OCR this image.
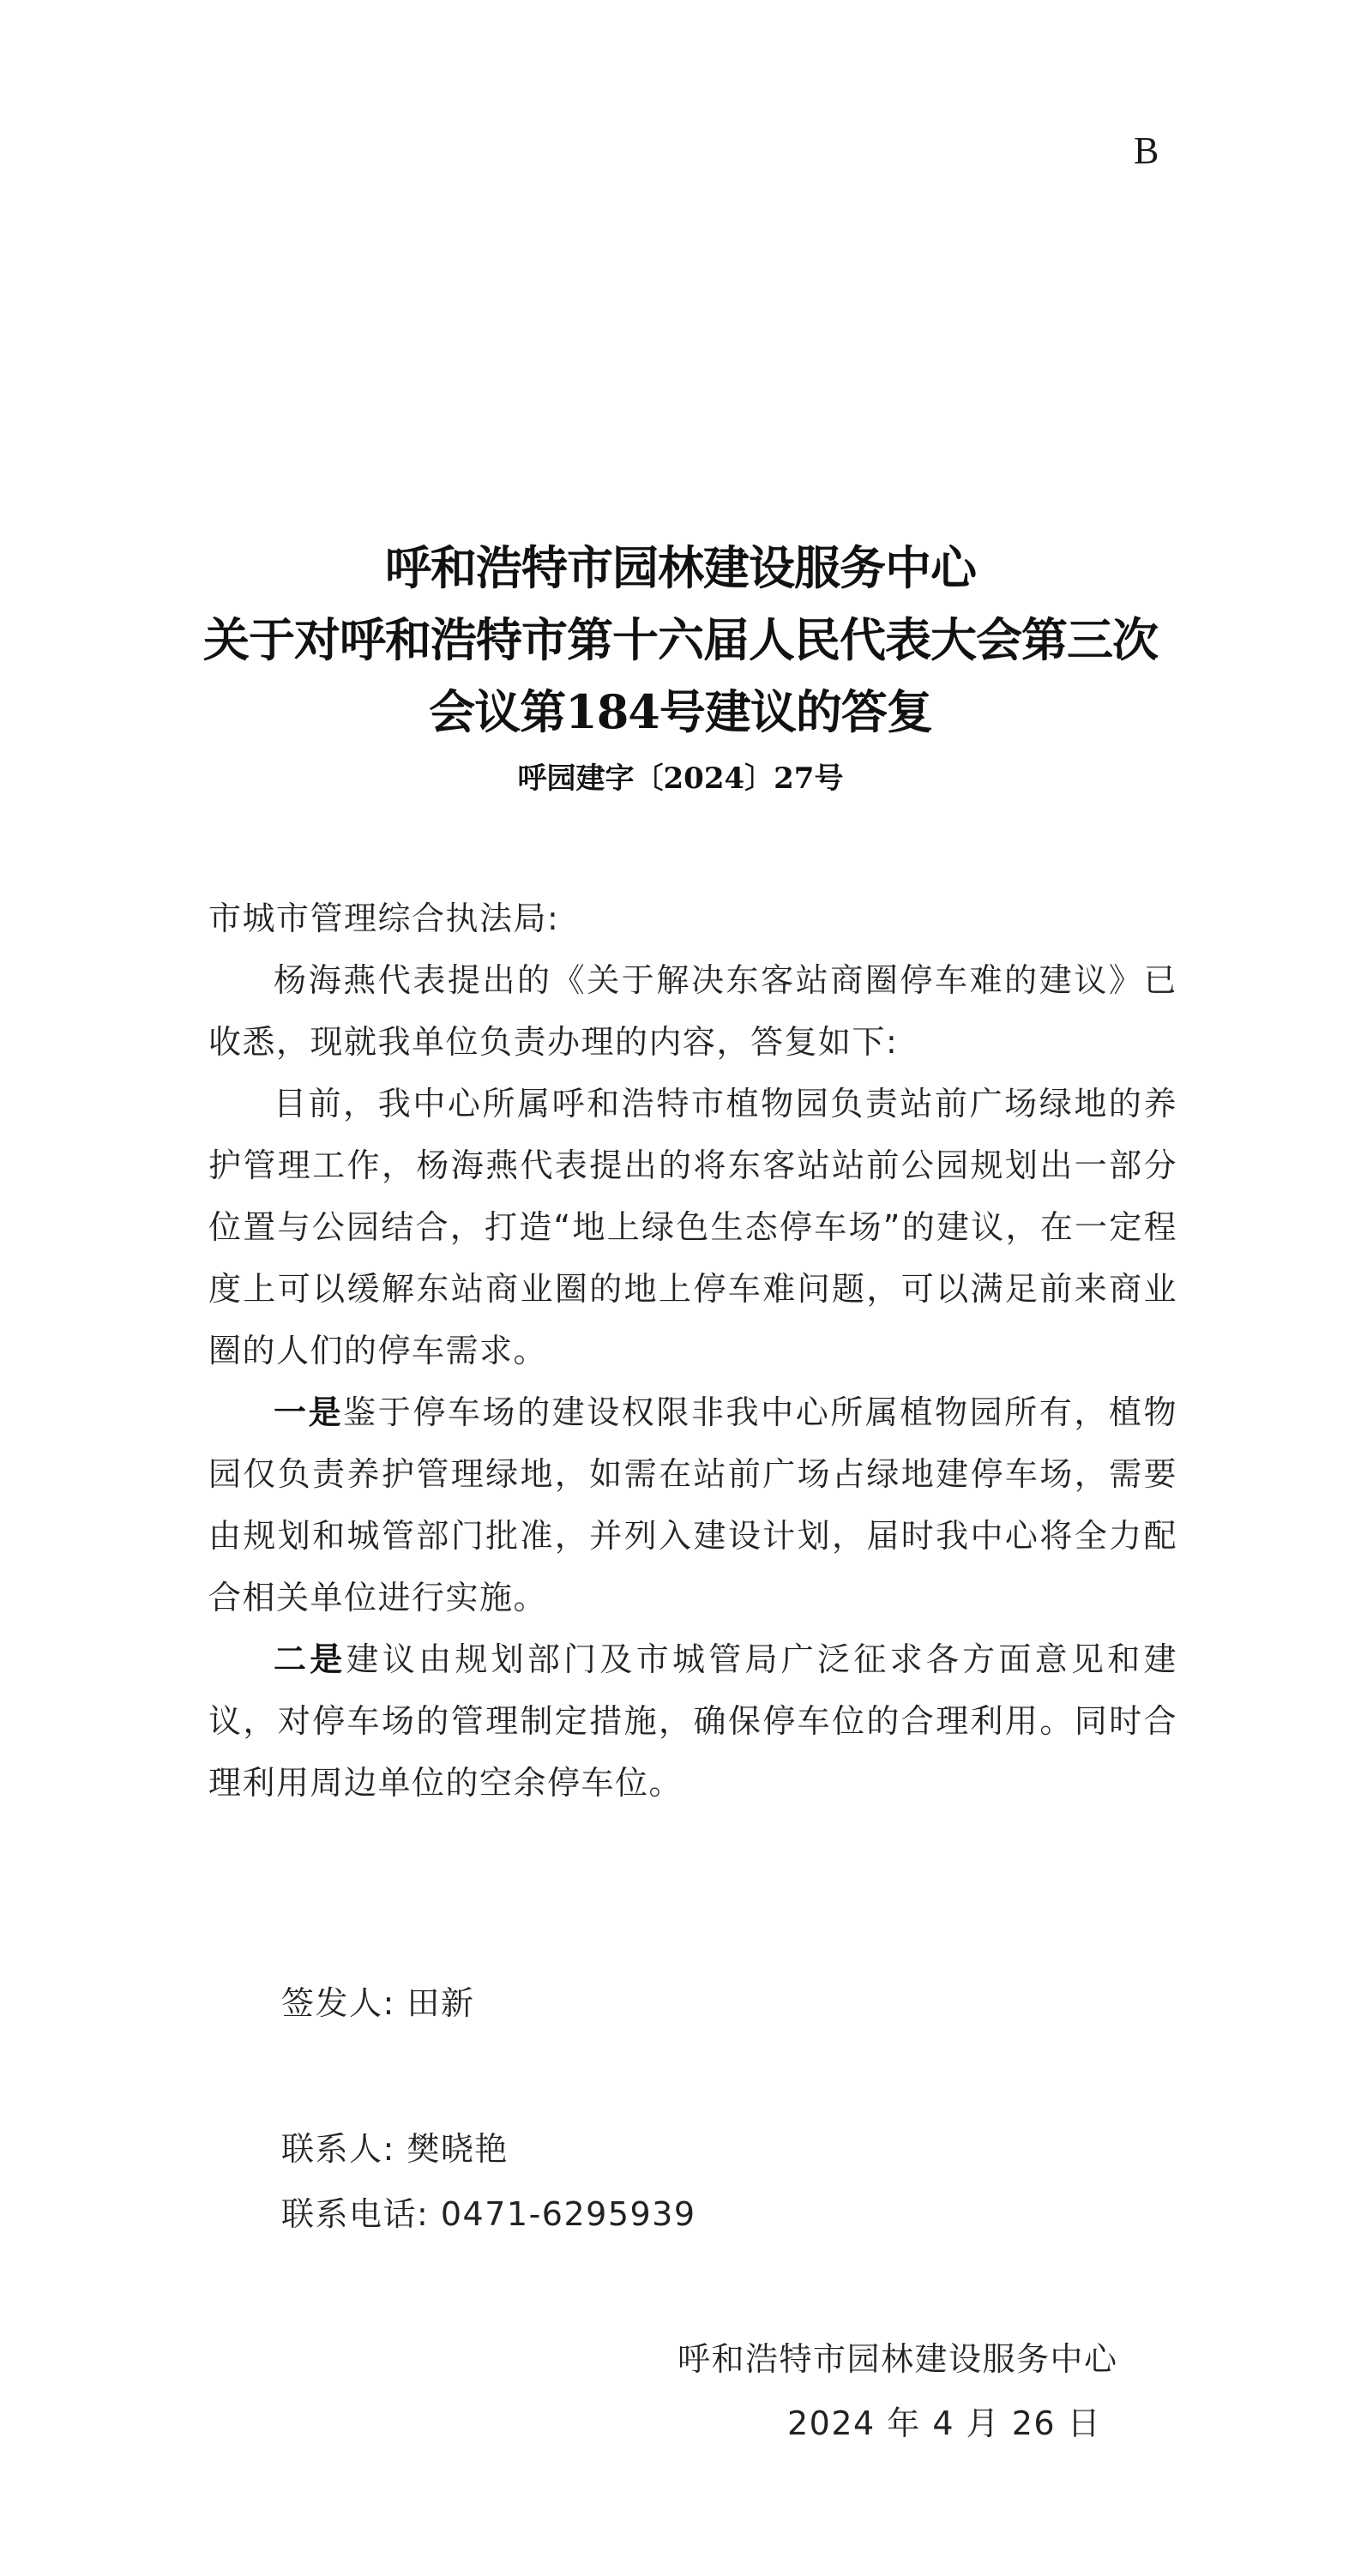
B
呼和浩特市园林建设服务中心
关于对呼和浩特市第十六届人民代表大会第三次
会议第184号建议的答复
呼园建字〔2024〕27号

市城市管理综合执法局:

杨海燕代表提出的《关于解决东客站商圈停车难的建议》已收悉，现就我单位负责办理的内容，答复如下:

目前，我中心所属呼和浩特市植物园负责站前广场绿地的养护管理工作，杨海燕代表提出的将东客站站前公园规划出一部分位置与公园结合，打造“地上绿色生态停车场”的建议，在一定程度上可以缓解东站商业圈的地上停车难问题，可以满足前来商业圈的人们的停车需求。

一是鉴于停车场的建设权限非我中心所属植物园所有，植物园仅负责养护管理绿地，如需在站前广场占绿地建停车场，需要由规划和城管部门批准，并列入建设计划，届时我中心将全力配合相关单位进行实施。

二是建议由规划部门及市城管局广泛征求各方面意见和建议，对停车场的管理制定措施，确保停车位的合理利用。同时合理利用周边单位的空余停车位。

签发人: 田新
联系人: 樊晓艳
联系电话: 0471-6295939
呼和浩特市园林建设服务中心
2024 年 4 月 26 日
